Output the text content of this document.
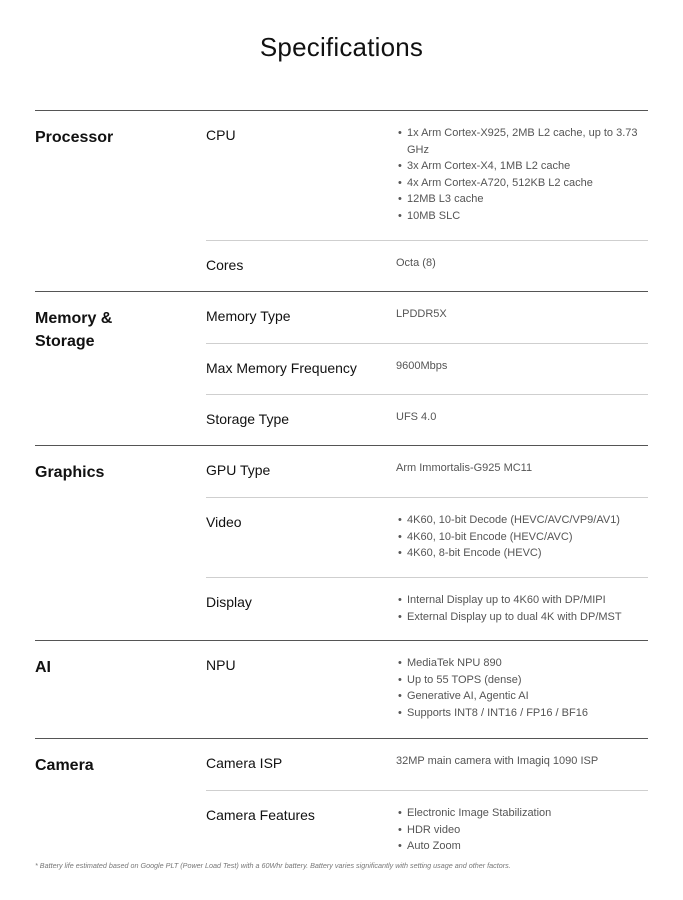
Specifications
Processor	CPU	• 1x Arm Cortex-X925, 2MB L2 cache, up to 3.73 GHz
• 3x Arm Cortex-X4, 1MB L2 cache
• 4x Arm Cortex-A720, 512KB L2 cache
• 12MB L3 cache
• 10MB SLC
Cores	Octa (8)
Memory &
Storage
Memory Type	LPDDR5X
Max Memory Frequency	9600Mbps
Storage Type	UFS 4.0
Graphics	GPU Type	Arm Immortalis-G925 MC11
Video	• 4K60, 10-bit Decode (HEVC/AVC/VP9/AV1)
• 4K60, 10-bit Encode (HEVC/AVC)
• 4K60, 8-bit Encode (HEVC)
Display	• Internal Display up to 4K60 with DP/MIPI
• External Display up to dual 4K with DP/MST
AI	NPU	• MediaTek NPU 890
• Up to 55 TOPS (dense)
• Generative AI, Agentic AI
• Supports INT8 / INT16 / FP16 / BF16
Camera	Camera ISP	32MP main camera with Imagiq 1090 ISP
Camera Features	• Electronic Image Stabilization
• HDR video
• Auto Zoom
* Battery life estimated based on Google PLT (Power Load Test) with a 60Whr battery. Battery varies significantly with setting usage and other factors.
